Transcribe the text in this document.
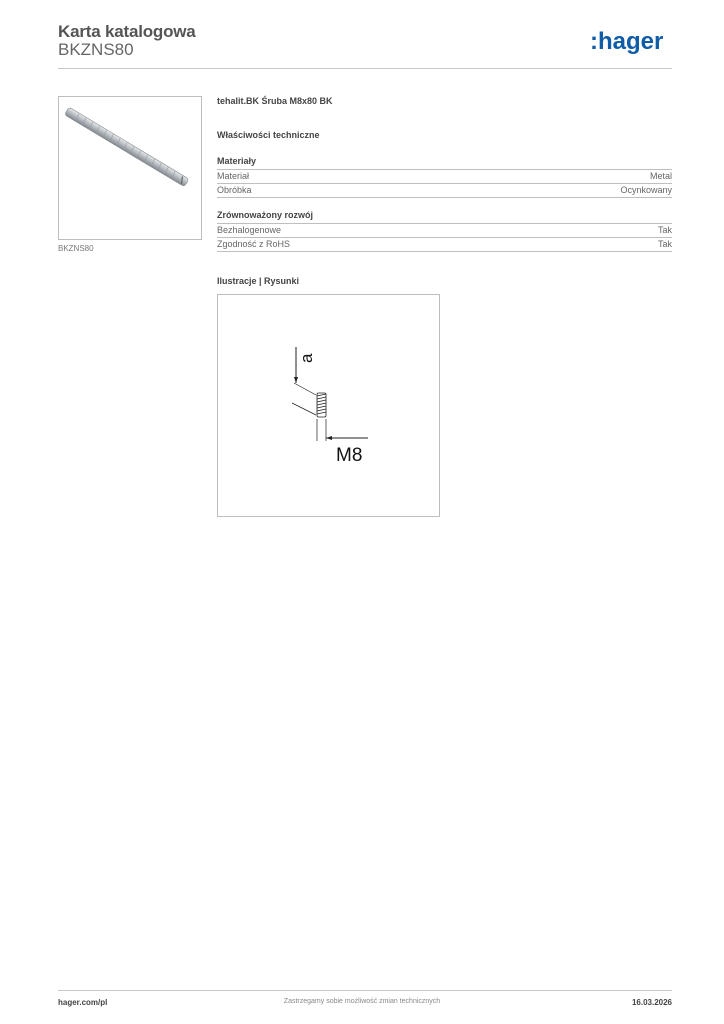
Karta katalogowa
BKZNS80	:hager
BKZNS80
tehalit.BK Śruba M8x80 BK
Właściwości techniczne
Materiały
Materiał	Metal
Obróbka	Ocynkowany
Zrównoważony rozwój
Bezhalogenowe	Tak
Zgodność z RoHS	Tak
Ilustracje | Rysunki
a
M8
hager.com/pl	Zastrzegamy sobie możliwość zmian technicznych	16.03.2026
